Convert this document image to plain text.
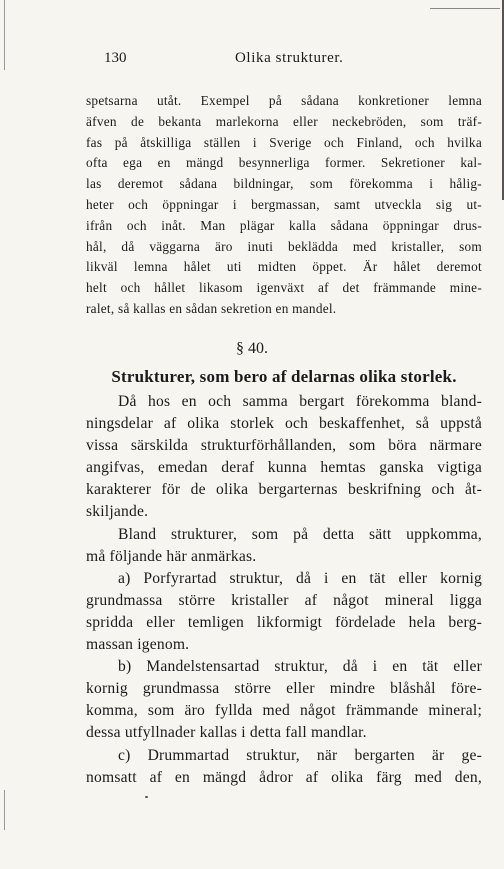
130	Olika strukturer.
spetsarna utåt. Exempel på sådana konkretioner lemna
äfven de bekanta marlekorna eller neckebröden, som träf-
fas på åtskilliga ställen i Sverige och Finland, och hvilka
ofta ega en mängd besynnerliga former. Sekretioner kal-
las deremot sådana bildningar, som förekomma i hålig-
heter och öppningar i bergmassan, samt utveckla sig ut-
ifrån och inåt. Man plägar kalla sådana öppningar drus-
hål, då väggarna äro inuti beklädda med kristaller, som
likväl lemna hålet uti midten öppet. Är hålet deremot
helt och hållet likasom igenväxt af det främmande mine-
ralet, så kallas en sådan sekretion en mandel.
§ 40.
Strukturer, som bero af delarnas olika storlek.
Då hos en och samma bergart förekomma bland-
ningsdelar af olika storlek och beskaffenhet, så uppstå
vissa särskilda strukturförhållanden, som böra närmare
angifvas, emedan deraf kunna hemtas ganska vigtiga
karakterer för de olika bergarternas beskrifning och åt-
skiljande.
Bland strukturer, som på detta sätt uppkomma,
må följande här anmärkas.
a) Porfyrartad struktur, då i en tät eller kornig
grundmassa större kristaller af något mineral ligga
spridda eller temligen likformigt fördelade hela berg-
massan igenom.
b) Mandelstensartad struktur, då i en tät eller
kornig grundmassa större eller mindre blåshål före-
komma, som äro fyllda med något främmande mineral;
dessa utfyllnader kallas i detta fall mandlar.
c) Drummartad struktur, när bergarten är ge-
nomsatt af en mängd ådror af olika färg med den,
